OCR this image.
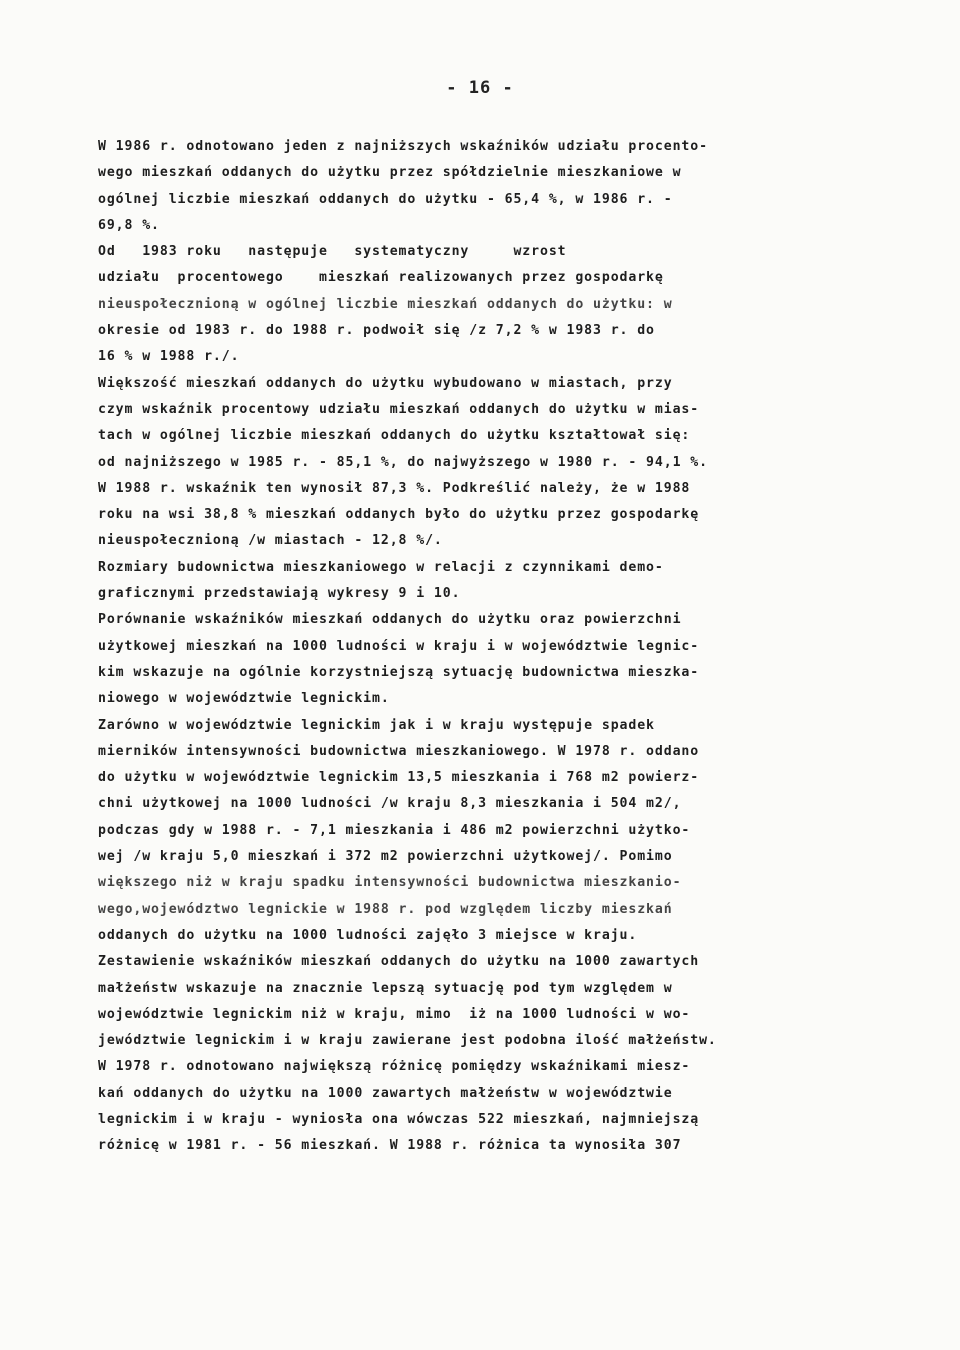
- 16 -
W 1986 r. odnotowano jeden z najniższych wskaźników udziału procento-
wego mieszkań oddanych do użytku przez spółdzielnie mieszkaniowe w
ogólnej liczbie mieszkań oddanych do użytku - 65,4 %, w 1986 r. -
69,8 %.
Od   1983 roku   następuje   systematyczny     wzrost
udziału  procentowego    mieszkań realizowanych przez gospodarkę
nieuspołecznioną w ogólnej liczbie mieszkań oddanych do użytku: w
okresie od 1983 r. do 1988 r. podwoił się /z 7,2 % w 1983 r. do
16 % w 1988 r./.
Większość mieszkań oddanych do użytku wybudowano w miastach, przy
czym wskaźnik procentowy udziału mieszkań oddanych do użytku w mias-
tach w ogólnej liczbie mieszkań oddanych do użytku kształtował się:
od najniższego w 1985 r. - 85,1 %, do najwyższego w 1980 r. - 94,1 %.
W 1988 r. wskaźnik ten wynosił 87,3 %. Podkreślić należy, że w 1988
roku na wsi 38,8 % mieszkań oddanych było do użytku przez gospodarkę
nieuspołecznioną /w miastach - 12,8 %/.
Rozmiary budownictwa mieszkaniowego w relacji z czynnikami demo-
graficznymi przedstawiają wykresy 9 i 10.
Porównanie wskaźników mieszkań oddanych do użytku oraz powierzchni
użytkowej mieszkań na 1000 ludności w kraju i w województwie legnic-
kim wskazuje na ogólnie korzystniejszą sytuację budownictwa mieszka-
niowego w województwie legnickim.
Zarówno w województwie legnickim jak i w kraju występuje spadek
mierników intensywności budownictwa mieszkaniowego. W 1978 r. oddano
do użytku w województwie legnickim 13,5 mieszkania i 768 m2 powierz-
chni użytkowej na 1000 ludności /w kraju 8,3 mieszkania i 504 m2/,
podczas gdy w 1988 r. - 7,1 mieszkania i 486 m2 powierzchni użytko-
wej /w kraju 5,0 mieszkań i 372 m2 powierzchni użytkowej/. Pomimo
większego niż w kraju spadku intensywności budownictwa mieszkanio-
wego,województwo legnickie w 1988 r. pod względem liczby mieszkań
oddanych do użytku na 1000 ludności zajęło 3 miejsce w kraju.
Zestawienie wskaźników mieszkań oddanych do użytku na 1000 zawartych
małżeństw wskazuje na znacznie lepszą sytuację pod tym względem w
województwie legnickim niż w kraju, mimo  iż na 1000 ludności w wo-
jewództwie legnickim i w kraju zawierane jest podobna ilość małżeństw.
W 1978 r. odnotowano największą różnicę pomiędzy wskaźnikami miesz-
kań oddanych do użytku na 1000 zawartych małżeństw w województwie
legnickim i w kraju - wyniosła ona wówczas 522 mieszkań, najmniejszą
różnicę w 1981 r. - 56 mieszkań. W 1988 r. różnica ta wynosiła 307
